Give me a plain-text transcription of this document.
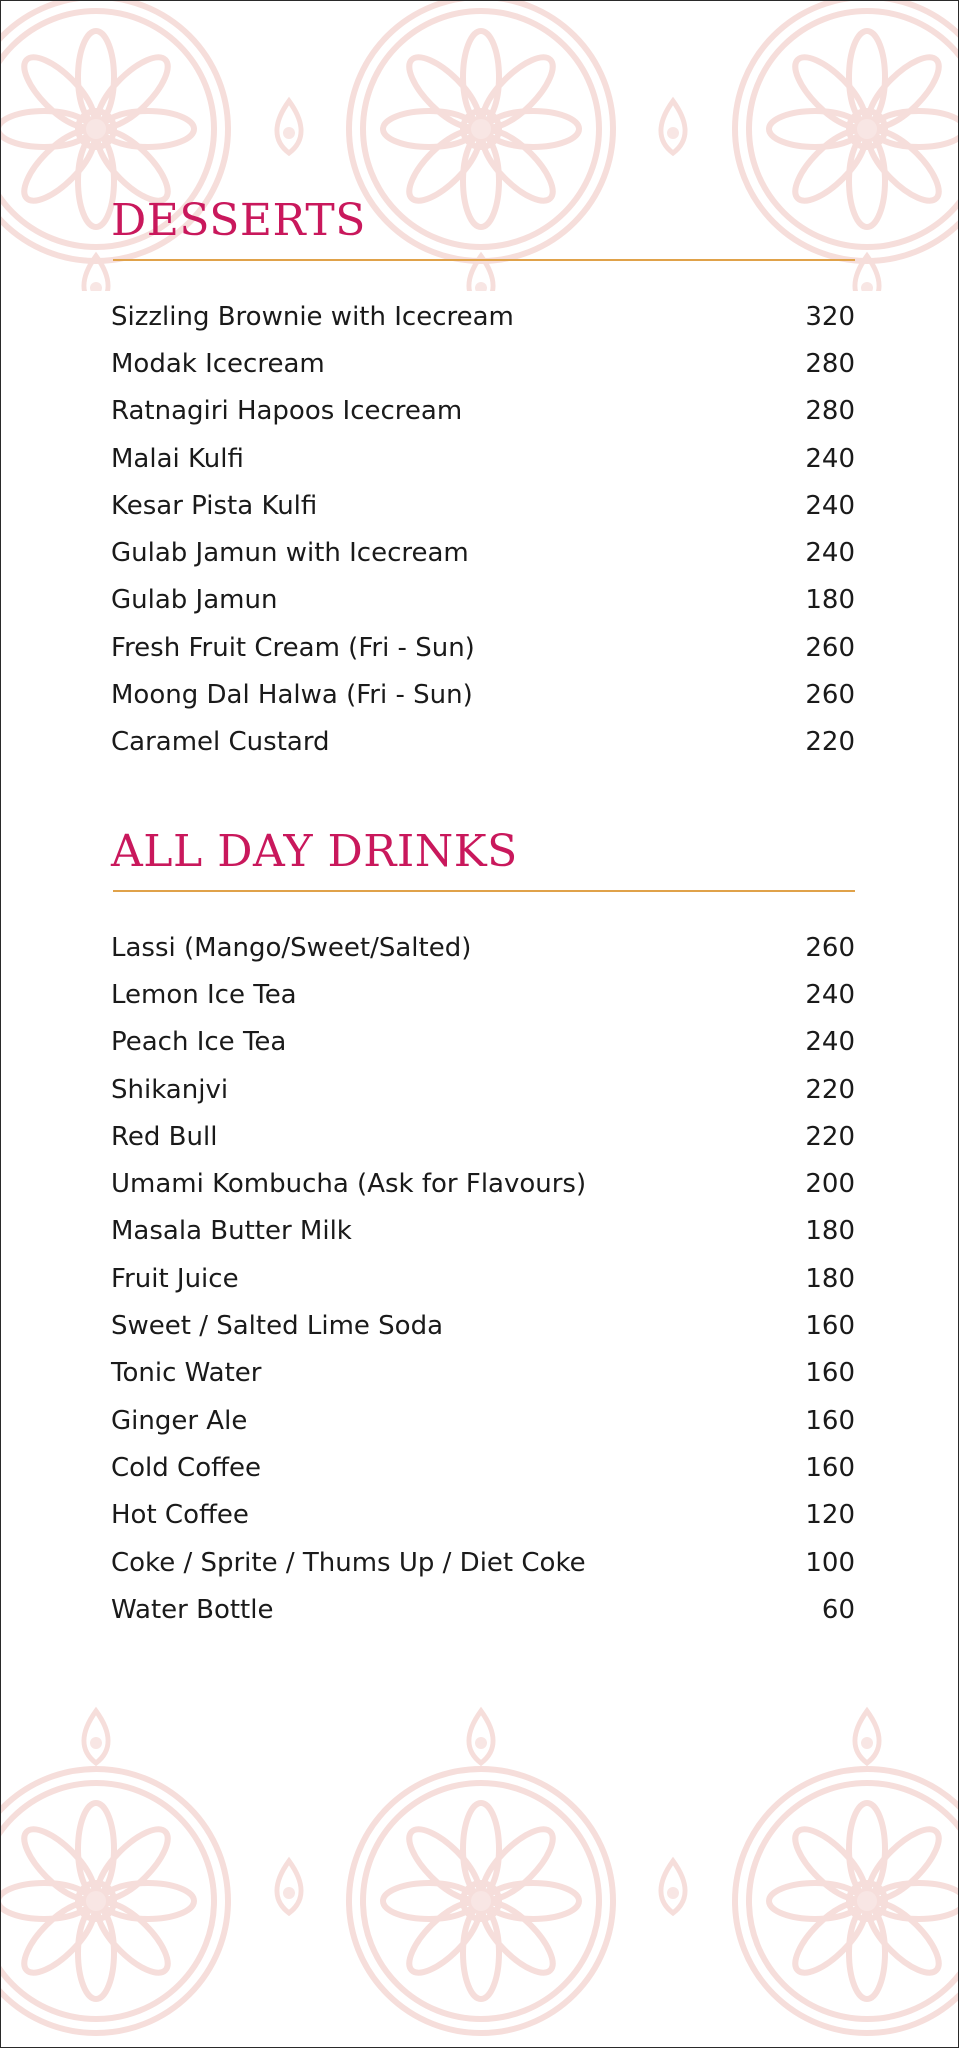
DESSERTS
Sizzling Brownie with Icecream	320
Modak Icecream	280
Ratnagiri Hapoos Icecream	280
Malai Kulfi	240
Kesar Pista Kulfi	240
Gulab Jamun with Icecream	240
Gulab Jamun	180
Fresh Fruit Cream (Fri - Sun)	260
Moong Dal Halwa (Fri - Sun)	260
Caramel Custard	220
ALL DAY DRINKS
Lassi (Mango/Sweet/Salted)	260
Lemon Ice Tea	240
Peach Ice Tea	240
Shikanjvi	220
Red Bull	220
Umami Kombucha (Ask for Flavours)	200
Masala Butter Milk	180
Fruit Juice	180
Sweet / Salted Lime Soda	160
Tonic Water	160
Ginger Ale	160
Cold Coffee	160
Hot Coffee	120
Coke / Sprite / Thums Up / Diet Coke	100
Water Bottle	60
